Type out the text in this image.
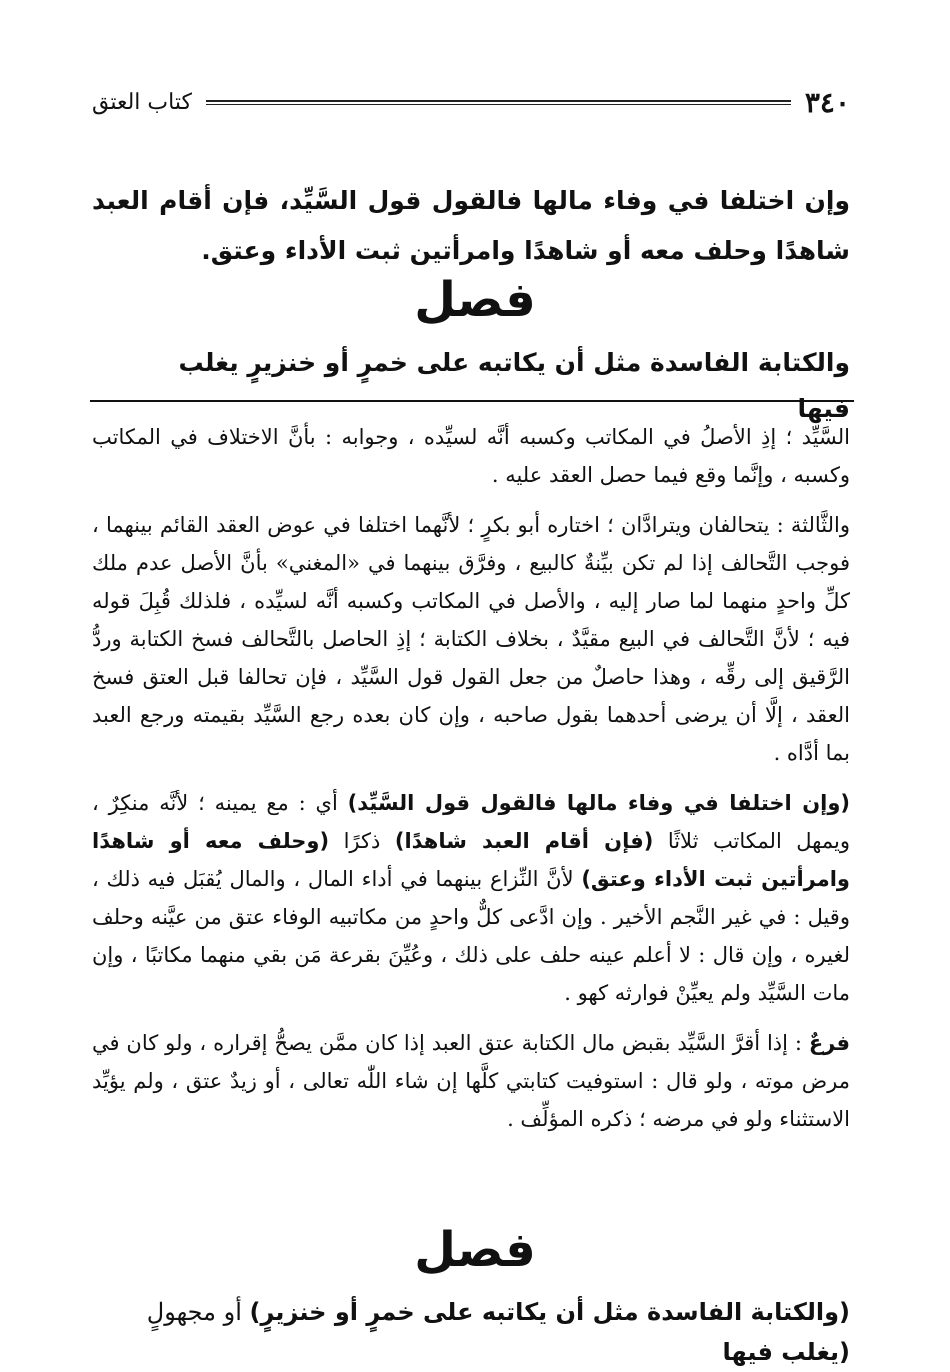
٣٤٠
كتاب العتق
وإن اختلفا في وفاء مالها فالقول قول السَّيِّد، فإن أقام العبد شاهدًا وحلف معه أو شاهدًا وامرأتين ثبت الأداء وعتق.
فصل
والكتابة الفاسدة مثل أن يكاتبه على خمرٍ أو خنزيرٍ يغلب فيها

السَّيِّد ؛ إذِ الأصلُ في المكاتب وكسبه أنَّه لسيِّده ، وجوابه : بأنَّ الاختلاف في المكاتب وكسبه ، وإنَّما وقع فيما حصل العقد عليه .

والثَّالثة : يتحالفان ويترادَّان ؛ اختاره أبو بكرٍ ؛ لأنَّهما اختلفا في عوض العقد القائم بينهما ، فوجب التَّحالف إذا لم تكن بيِّنةٌ كالبيع ، وفرَّق بينهما في «المغني» بأنَّ الأصل عدم ملك كلِّ واحدٍ منهما لما صار إليه ، والأصل في المكاتب وكسبه أنَّه لسيِّده ، فلذلك قُبِلَ قوله فيه ؛ لأنَّ التَّحالف في البيع مقيَّدٌ ، بخلاف الكتابة ؛ إذِ الحاصل بالتَّحالف فسخ الكتابة وردُّ الرَّقيق إلى رقِّه ، وهذا حاصلٌ من جعل القول قول السَّيِّد ، فإن تحالفا قبل العتق فسخ العقد ، إلَّا أن يرضى أحدهما بقول صاحبه ، وإن كان بعده رجع السَّيِّد بقيمته ورجع العبد بما أدَّاه .

(وإن اختلفا في وفاء مالها فالقول قول السَّيِّد) أي : مع يمينه ؛ لأنَّه منكِرٌ ، ويمهل المكاتب ثلاثًا (فإن أقام العبد شاهدًا) ذكرًا (وحلف معه أو شاهدًا وامرأتين ثبت الأداء وعتق) لأنَّ النِّزاع بينهما في أداء المال ، والمال يُقبَل فيه ذلك ، وقيل : في غير النَّجم الأخير . وإن ادَّعى كلٌّ واحدٍ من مكاتبيه الوفاء عتق من عيَّنه وحلف لغيره ، وإن قال : لا أعلم عينه حلف على ذلك ، وعُيِّنَ بقرعة مَن بقي منهما مكاتبًا ، وإن مات السَّيِّد ولم يعيِّنْ فوارثه كهو .

فرعٌ : إذا أقرَّ السَّيِّد بقبض مال الكتابة عتق العبد إذا كان ممَّن يصحُّ إقراره ، ولو كان في مرض موته ، ولو قال : استوفيت كتابتي كلَّها إن شاء اللّٰه تعالى ، أو زيدٌ عتق ، ولم يؤيِّد الاستثناء ولو في مرضه ؛ ذكره المؤلِّف .

فصل
(والكتابة الفاسدة مثل أن يكاتبه على خمرٍ أو خنزيرٍ) أو مجهولٍ (يغلب فيها
